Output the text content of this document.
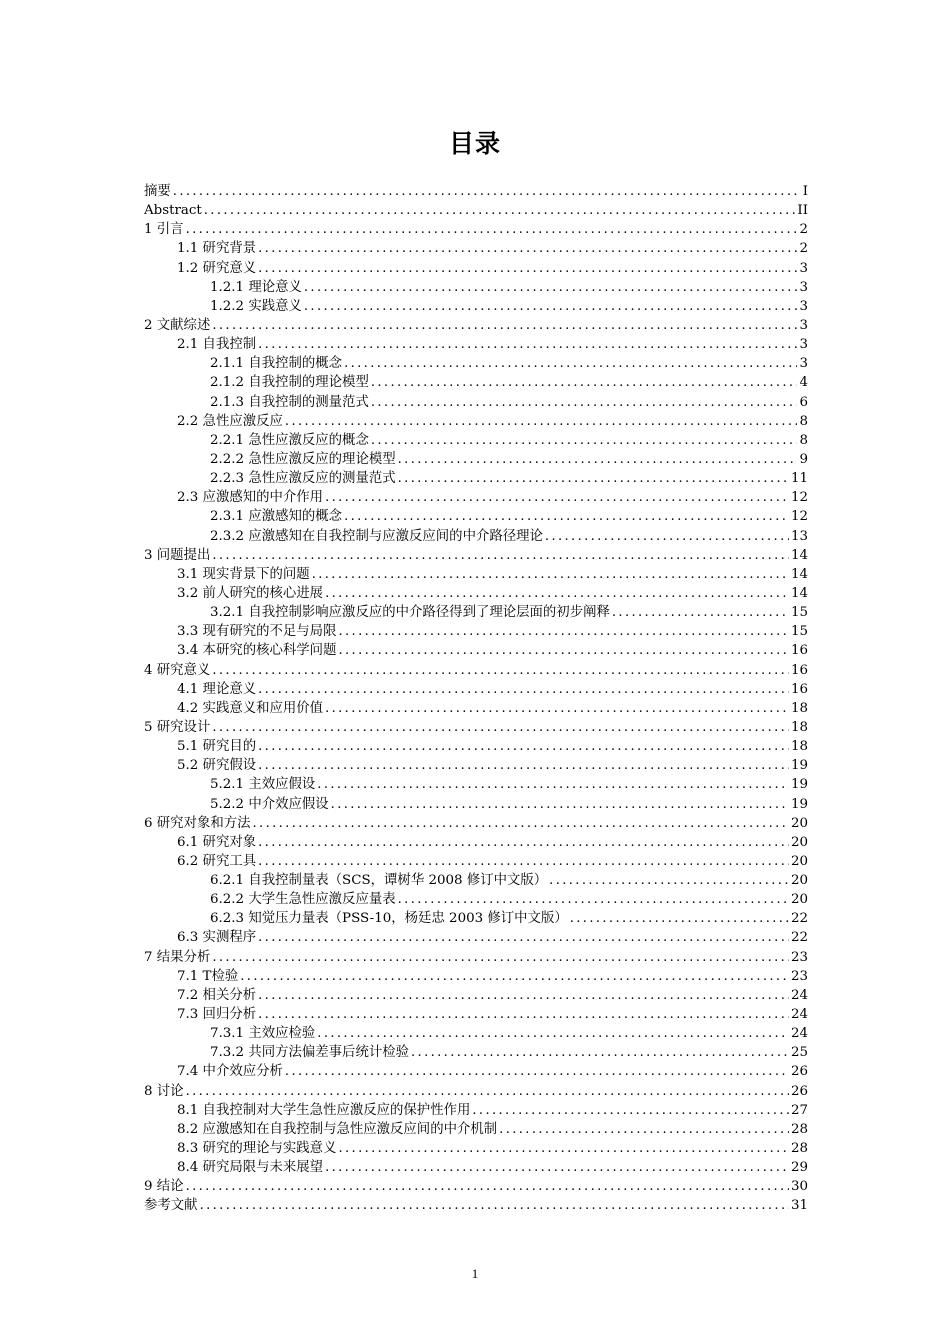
目录
摘要 .....	I
Abstract .....	II
1 引言 .....	2
1.1 研究背景 .....	2
1.2 研究意义 .....	3
1.2.1 理论意义 .....	3
1.2.2 实践意义 .....	3
2 文献综述 .....	3
2.1 自我控制 .....	3
2.1.1 自我控制的概念 .....	3
2.1.2 自我控制的理论模型 .....	4
2.1.3 自我控制的测量范式 .....	6
2.2 急性应激反应 .....	8
2.2.1 急性应激反应的概念 .....	8
2.2.2 急性应激反应的理论模型 .....	9
2.2.3 急性应激反应的测量范式 .....	11
2.3 应激感知的中介作用 .....	12
2.3.1 应激感知的概念 .....	12
2.3.2 应激感知在自我控制与应激反应间的中介路径理论 .....	13
3 问题提出 .....	14
3.1 现实背景下的问题 .....	14
3.2 前人研究的核心进展 .....	14
3.2.1 自我控制影响应激反应的中介路径得到了理论层面的初步阐释 .....	15
3.3 现有研究的不足与局限 .....	15
3.4 本研究的核心科学问题 .....	16
4 研究意义 .....	16
4.1 理论意义 .....	16
4.2 实践意义和应用价值 .....	18
5 研究设计 .....	18
5.1 研究目的 .....	18
5.2 研究假设 .....	19
5.2.1 主效应假设 .....	19
5.2.2 中介效应假设 .....	19
6 研究对象和方法 .....	20
6.1 研究对象 .....	20
6.2 研究工具 .....	20
6.2.1 自我控制量表（SCS，谭树华 2008 修订中文版） .....	20
6.2.2 大学生急性应激反应量表 .....	20
6.2.3 知觉压力量表（PSS-10，杨廷忠 2003 修订中文版） .....	22
6.3 实测程序 .....	22
7 结果分析 .....	23
7.1 T检验 .....	23
7.2 相关分析 .....	24
7.3 回归分析 .....	24
7.3.1 主效应检验 .....	24
7.3.2 共同方法偏差事后统计检验 .....	25
7.4 中介效应分析 .....	26
8 讨论 .....	26
8.1 自我控制对大学生急性应激反应的保护性作用 .....	27
8.2 应激感知在自我控制与急性应激反应间的中介机制 .....	28
8.3 研究的理论与实践意义 .....	28
8.4 研究局限与未来展望 .....	29
9 结论 .....	30
参考文献 .....	31
1
